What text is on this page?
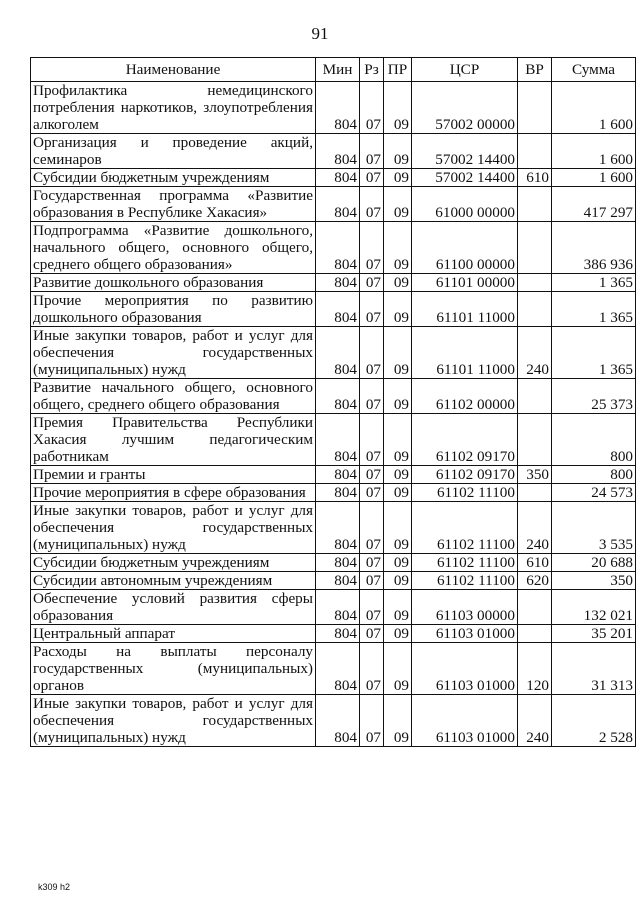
91
Наименование	Мин	Рз	ПР	ЦСР	ВР	Сумма
Профилактика немедицинского потребления наркотиков, злоупотребления алкоголем	804	07	09	57002 00000		1 600
Организация и проведение акций, семинаров	804	07	09	57002 14400		1 600
Субсидии бюджетным учреждениям	804	07	09	57002 14400	610	1 600
Государственная программа «Развитие образования в Республике Хакасия»	804	07	09	61000 00000		417 297
Подпрограмма «Развитие дошкольного, начального общего, основного общего, среднего общего образования»	804	07	09	61100 00000		386 936
Развитие дошкольного образования	804	07	09	61101 00000		1 365
Прочие мероприятия по развитию дошкольного образования	804	07	09	61101 11000		1 365
Иные закупки товаров, работ и услуг для обеспечения государственных (муниципальных) нужд	804	07	09	61101 11000	240	1 365
Развитие начального общего, основного общего, среднего общего образования	804	07	09	61102 00000		25 373
Премия Правительства Республики Хакасия лучшим педагогическим работникам	804	07	09	61102 09170		800
Премии и гранты	804	07	09	61102 09170	350	800
Прочие мероприятия в сфере образования	804	07	09	61102 11100		24 573
Иные закупки товаров, работ и услуг для обеспечения государственных (муниципальных) нужд	804	07	09	61102 11100	240	3 535
Субсидии бюджетным учреждениям	804	07	09	61102 11100	610	20 688
Субсидии автономным учреждениям	804	07	09	61102 11100	620	350
Обеспечение условий развития сферы образования	804	07	09	61103 00000		132 021
Центральный аппарат	804	07	09	61103 01000		35 201
Расходы на выплаты персоналу государственных (муниципальных) органов	804	07	09	61103 01000	120	31 313
Иные закупки товаров, работ и услуг для обеспечения государственных (муниципальных) нужд	804	07	09	61103 01000	240	2 528
k309 h2
